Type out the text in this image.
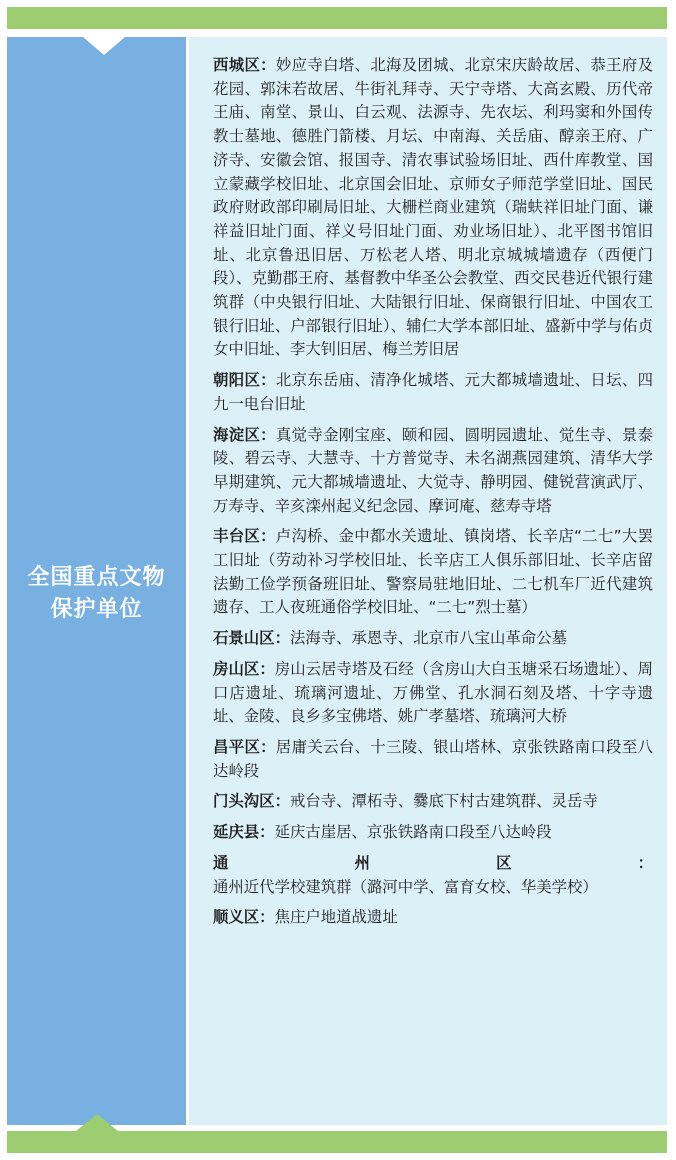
全国重点文物
保护单位

西城区：妙应寺白塔、北海及团城、北京宋庆龄故居、恭王府及花园、郭沫若故居、牛街礼拜寺、天宁寺塔、大高玄殿、历代帝王庙、南堂、景山、白云观、法源寺、先农坛、利玛窦和外国传教士墓地、德胜门箭楼、月坛、中南海、关岳庙、醇亲王府、广济寺、安徽会馆、报国寺、清农事试验场旧址、西什库教堂、国立蒙藏学校旧址、北京国会旧址、京师女子师范学堂旧址、国民政府财政部印刷局旧址、大栅栏商业建筑（瑞蚨祥旧址门面、谦祥益旧址门面、祥义号旧址门面、劝业场旧址）、北平图书馆旧址、北京鲁迅旧居、万松老人塔、明北京城城墙遗存（西便门段）、克勤郡王府、基督教中华圣公会教堂、西交民巷近代银行建筑群（中央银行旧址、大陆银行旧址、保商银行旧址、中国农工银行旧址、户部银行旧址）、辅仁大学本部旧址、盛新中学与佑贞女中旧址、李大钊旧居、梅兰芳旧居

朝阳区：北京东岳庙、清净化城塔、元大都城墙遗址、日坛、四九一电台旧址

海淀区：真觉寺金刚宝座、颐和园、圆明园遗址、觉生寺、景泰陵、碧云寺、大慧寺、十方普觉寺、未名湖燕园建筑、清华大学早期建筑、元大都城墙遗址、大觉寺、静明园、健锐营演武厅、万寿寺、辛亥滦州起义纪念园、摩诃庵、慈寿寺塔

丰台区：卢沟桥、金中都水关遗址、镇岗塔、长辛店“二七”大罢工旧址（劳动补习学校旧址、长辛店工人俱乐部旧址、长辛店留法勤工俭学预备班旧址、警察局驻地旧址、二七机车厂近代建筑遗存、工人夜班通俗学校旧址、“二七”烈士墓）

石景山区：法海寺、承恩寺、北京市八宝山革命公墓

房山区：房山云居寺塔及石经（含房山大白玉塘采石场遗址）、周口店遗址、琉璃河遗址、万佛堂、孔水洞石刻及塔、十字寺遗址、金陵、良乡多宝佛塔、姚广孝墓塔、琉璃河大桥

昌平区：居庸关云台、十三陵、银山塔林、京张铁路南口段至八达岭段

门头沟区：戒台寺、潭柘寺、爨底下村古建筑群、灵岳寺

延庆县：延庆古崖居、京张铁路南口段至八达岭段

通州区：通州近代学校建筑群（潞河中学、富育女校、华美学校）

顺义区：焦庄户地道战遗址
